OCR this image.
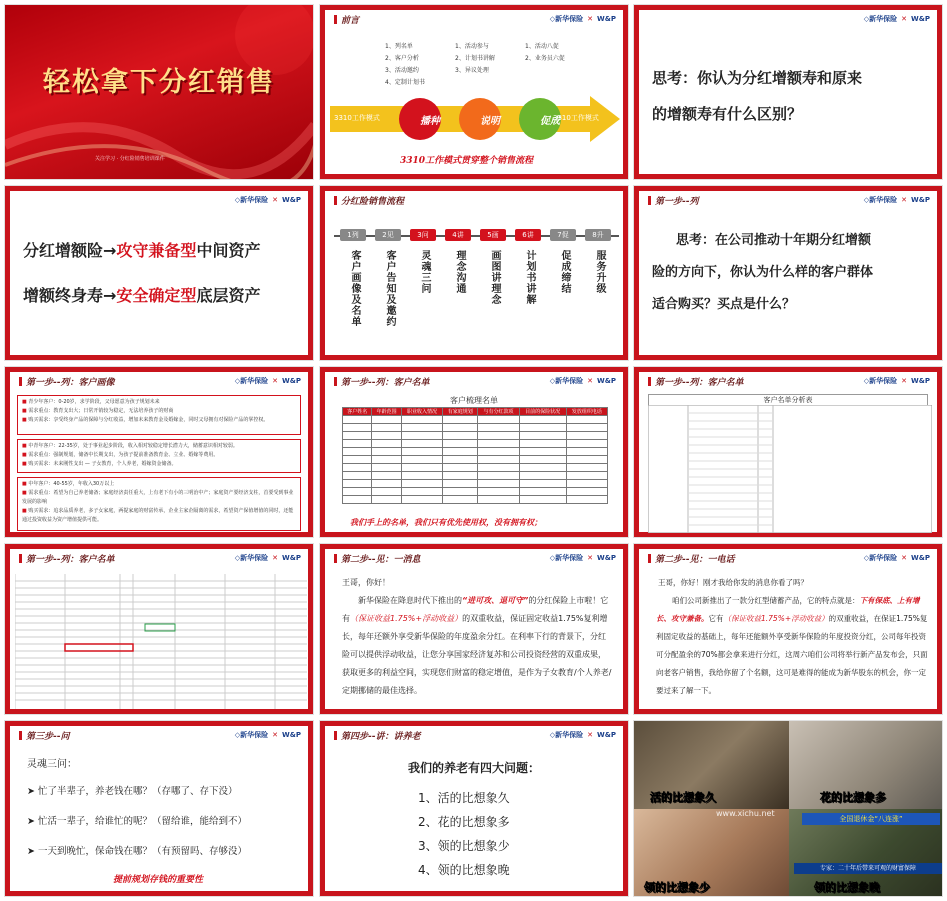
轻松拿下分红销售
关注学习 · 分红险销售培训课件
前言	◇新华保险 ✕ W&P
1、列名单	1、活动参与	1、活动八促
2、客户分析	2、计划书讲解	2、业务员六促
3、活动邀约	3、异议处理
4、定制计划书
3310工作模式	3310工作模式
播种	说明	促成
3310工作模式贯穿整个销售流程
◇新华保险 ✕ W&P
思考：你认为分红增额寿和原来
的增额寿有什么区别？
◇新华保险 ✕ W&P
分红增额险→攻守兼备型中间资产
增额终身寿→安全确定型底层资产
分红险销售流程
1列	2见	3问	4讲	5画	6讲	7促	8升
客户画像及名单 客户告知及邀约 灵魂三问 理念沟通 画图讲理念 计划书讲解 促成缔结 服务升级
第一步--列	◇新华保险 ✕ W&P
思考：在公司推动十年期分红增额
险的方向下，你认为什么样的客户群体
适合购买？买点是什么？
第一步--列：客户画像	◇新华保险 ✕ W&P
■ 青少年客户：0-20岁，求学阶段，父母愿意为孩子规划未来
■ 需求重点：教育支出大；日常开销较为稳定，无法培养孩子的财商
■ 购买需求：享受终身产品的保障与分红收益，增加未来教育金及婚嫁金，同时父母拥有对保险产品的掌控权。
■ 中青年客户：22-35岁，处于事业起步阶段，收入相对较稳定增长潜力大，储蓄意识相对较弱。
■ 需求重点：强制规划，储备中长期支出，为孩子提前准备教育金、立业、婚嫁等费用。
■ 购买需求：未来刚性支出 — 子女教育，个人养老，婚嫁资金储备。
■ 中年客户：40-55岁，年收入30万以上
■ 需求重点：希望为自己养老储备；家庭经济责任重大，上有老下有小的三明治中产；家庭资产要经济支柱，首要受到事业发展的影响
■ 购买需求：追求品质养老，多子女家庭，两提家庭的财富传承，企业主家企隔离的需求，希望资产保值增值的同时，还能通过投资收益为资产增值提供可能。
第一步--列：客户名单	◇新华保险 ✕ W&P
客户梳理名单
客户姓名	年龄范围	职业收入情况	有家庭规划	与有分红款项	目前的保险状况	发放组织电话

我们手上的名单，我们只有优先使用权，没有拥有权；
第一步--列：客户名单	◇新华保险 ✕ W&P
客户名单分析表
第一步--列：客户名单	◇新华保险 ✕ W&P	第二步--见：一消息	◇新华保险 ✕ W&P
王哥，你好！
新华保险在降息时代下推出的“进可攻、退可守”的分红保险上市啦！它有（保证收益1.75%+浮动收益）的双重收益，保证固定收益1.75%复利增长，每年还额外享受新华保险的年度盈余分红。在利率下行的背景下，分红险可以提供浮动收益，让您分享国家经济复苏和公司投资经营的双重成果，获取更多的利益空间，实现您们财富的稳定增值，是作为子女教育/个人养老/定期挪储的最佳选择。
第二步--见：一电话	◇新华保险 ✕ W&P
王哥，你好！刚才我给你发的消息你看了吗？
咱们公司新推出了一款分红型储蓄产品，它的特点就是：下有保底、上有增长、攻守兼备。它有（保证收益1.75%+浮动收益）的双重收益，在保证1.75%复利固定收益的基础上，每年还能额外享受新华保险的年度投资分红，公司每年投资可分配盈余的70%都会拿来进行分红，这周六咱们公司将举行新产品发布会，只面向老客户销售，我给你留了个名额，这可是难得的能成为新华股东的机会，你一定要过来了解一下。
第三步--问	◇新华保险 ✕ W&P
灵魂三问：
➤ 忙了半辈子，养老钱在哪？（存哪了、存下没）
➤ 忙活一辈子，给谁忙的呢？（留给谁，能给到不）
➤ 一天到晚忙，保命钱在哪？（有预留吗、存够没）
提前规划存钱的重要性
第四步--讲：讲养老	◇新华保险 ✕ W&P
我们的养老有四大问题：
1、活的比想象久
2、花的比想象多
3、领的比想象少
4、领的比想象晚
全国退休金“八连涨”
专家：二十年后带来可观的财富保障
www.xichu.net
活的比想象久	花的比想象多
领的比想象少	领的比想象晚
